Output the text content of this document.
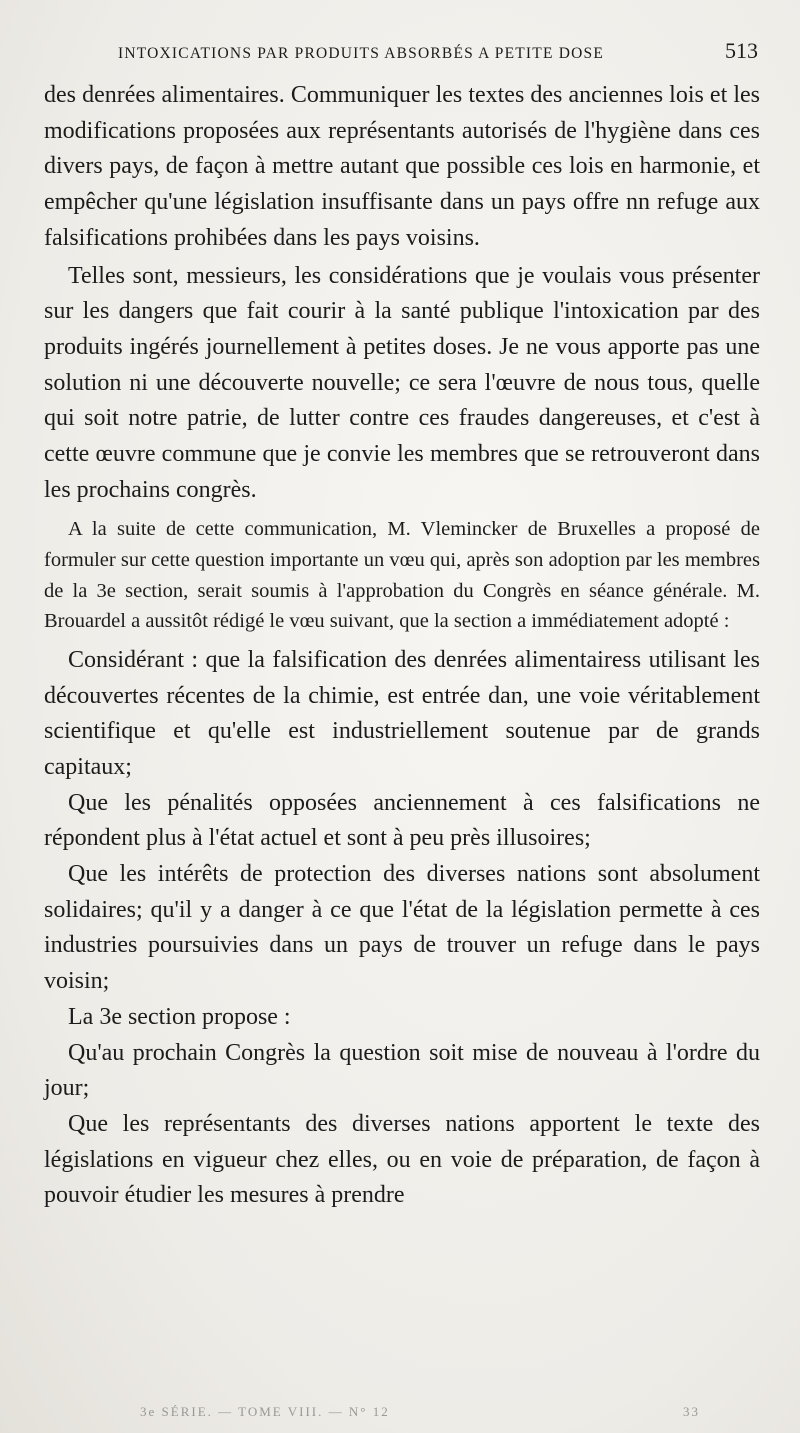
INTOXICATIONS PAR PRODUITS ABSORBÉS A PETITE DOSE	513

des denrées alimentaires. Communiquer les textes des anciennes lois et les modifications proposées aux représentants autorisés de l'hygiène dans ces divers pays, de façon à mettre autant que possible ces lois en harmonie, et empêcher qu'une législation insuffisante dans un pays offre nn refuge aux falsifications prohibées dans les pays voisins.

Telles sont, messieurs, les considérations que je voulais vous présenter sur les dangers que fait courir à la santé publique l'intoxication par des produits ingérés journellement à petites doses. Je ne vous apporte pas une solution ni une découverte nouvelle; ce sera l'œuvre de nous tous, quelle qui soit notre patrie, de lutter contre ces fraudes dangereuses, et c'est à cette œuvre commune que je convie les membres que se retrouveront dans les prochains congrès.

A la suite de cette communication, M. Vlemincker de Bruxelles a proposé de formuler sur cette question importante un vœu qui, après son adoption par les membres de la 3e section, serait soumis à l'approbation du Congrès en séance générale. M. Brouardel a aussitôt rédigé le vœu suivant, que la section a immédiatement adopté :

Considérant : que la falsification des denrées alimentairess utilisant les découvertes récentes de la chimie, est entrée dan, une voie véritablement scientifique et qu'elle est industriellement soutenue par de grands capitaux;

Que les pénalités opposées anciennement à ces falsifications ne répondent plus à l'état actuel et sont à peu près illusoires;

Que les intérêts de protection des diverses nations sont absolument solidaires; qu'il y a danger à ce que l'état de la législation permette à ces industries poursuivies dans un pays de trouver un refuge dans le pays voisin;

La 3e section propose :

Qu'au prochain Congrès la question soit mise de nouveau à l'ordre du jour;

Que les représentants des diverses nations apportent le texte des législations en vigueur chez elles, ou en voie de préparation, de façon à pouvoir étudier les mesures à prendre

3e SÉRIE. — TOME VIII. — N° 12	33
